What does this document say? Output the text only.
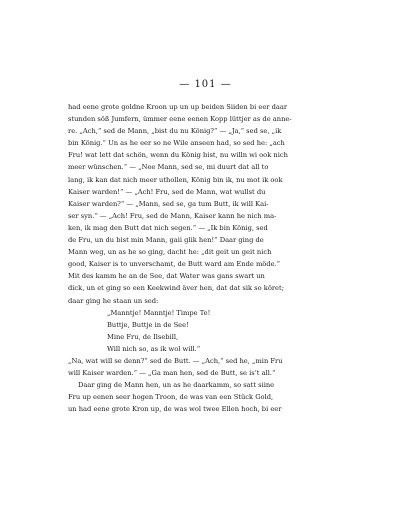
— 101 —
had eene grote goldne Kroon up un up beiden Siiden bi eer daar
stunden söß Jumfern, ümmer eene eenen Kopp lüttjer as de anne-
re. „Ach,“ sed de Mann, „bist du nu König?“ — „Ja,“ sed se, „ik
bin König.“ Un as he eer so ne Wile anseen had, so sed he: „ach
Fru! wat lett dat schön, wenn du König bist, nu willn wi ook nich
meer wünschen.“ — „Nee Mann, sed se, mi duurt dat all to
lang, ik kan dat nich meer uthollen, König bin ik, nu mot ik ook
Kaiser warden!“ — „Ach! Fru, sed de Mann, wat wullst du
Kaiser warden?“ — „Mann, sed se, ga tum Butt, ik will Kai-
ser syn.“ — „Ach! Fru, sed de Mann, Kaiser kann he nich ma-
ken, ik mag den Butt dat nich segen.“ — „Ik bin König, sed
de Fru, un du bist min Mann, gaii glik hen!“ Daar ging de
Mann weg, un as he so ging, dacht he: „dit geit un geit nich
good, Kaiser is to unverschamt, de Butt ward am Ende möde.“
Mit des kamm he an de See, dat Water was gans swart un
dick, un et ging so een Keekwind äver hen, dat dat sik so köret;
daar ging he staan un sed:
„Manntje! Manntje! Timpe Te!
Buttje, Buttje in de See!
Mine Fru, de Ilsebill,
Will nich so, as ik wol will.“
„Na, wat will se denn?“ sed de Butt. — „Ach,“ sed he, „min Fru
will Kaiser warden.“ — „Ga man hen, sed de Butt, se is’t all.“
Daar ging de Mann hen, un as he daarkamm, so satt siine
Fru up eenen seer hogen Troon, de was van een Stück Gold,
un had eene grote Kron up, de was wol twee Ellen hoch, bi eer
